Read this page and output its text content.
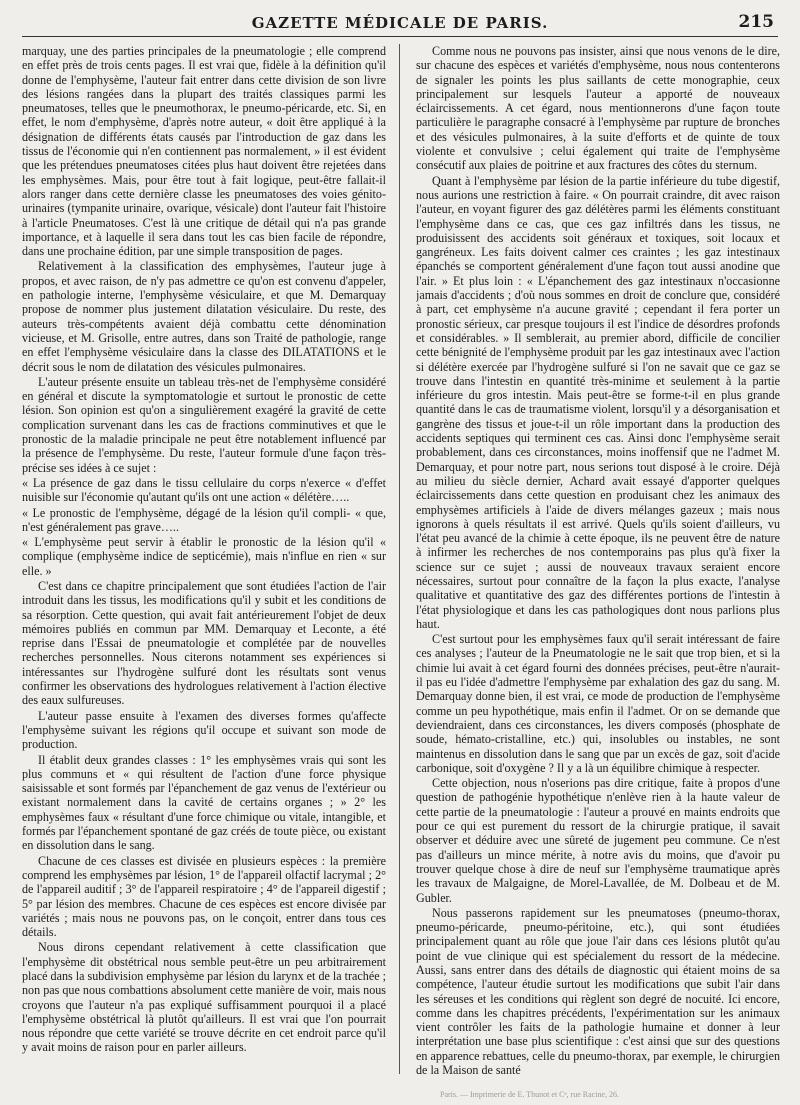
GAZETTE MÉDICALE DE PARIS.	215

marquay, une des parties principales de la pneumatologie ; elle comprend en effet près de trois cents pages. Il est vrai que, fidèle à la définition qu'il donne de l'emphysème, l'auteur fait entrer dans cette division de son livre des lésions rangées dans la plupart des traités classiques parmi les pneumatoses, telles que le pneumothorax, le pneumo-péricarde, etc. Si, en effet, le nom d'emphysème, d'après notre auteur, « doit être appliqué à la désignation de différents états causés par l'introduction de gaz dans les tissus de l'économie qui n'en contiennent pas normalement, » il est évident que les prétendues pneumatoses citées plus haut doivent être rejetées dans les emphysèmes. Mais, pour être tout à fait logique, peut-être fallait-il alors ranger dans cette dernière classe les pneumatoses des voies génito-urinaires (tympanite urinaire, ovarique, vésicale) dont l'auteur fait l'histoire à l'article Pneumatoses. C'est là une critique de détail qui n'a pas grande importance, et à laquelle il sera dans tout les cas bien facile de répondre, dans une prochaine édition, par une simple transposition de pages.

Relativement à la classification des emphysèmes, l'auteur juge à propos, et avec raison, de n'y pas admettre ce qu'on est convenu d'appeler, en pathologie interne, l'emphysème vésiculaire, et que M. Demarquay propose de nommer plus justement dilatation vésiculaire. Du reste, des auteurs très-compétents avaient déjà combattu cette dénomination vicieuse, et M. Grisolle, entre autres, dans son Traité de pathologie, range en effet l'emphysème vésiculaire dans la classe des DILATATIONS et le décrit sous le nom de dilatation des vésicules pulmonaires.

L'auteur présente ensuite un tableau très-net de l'emphysème considéré en général et discute la symptomatologie et surtout le pronostic de cette lésion. Son opinion est qu'on a singulièrement exagéré la gravité de cette complication survenant dans les cas de fractions comminutives et que le pronostic de la maladie principale ne peut être notablement influencé par la présence de l'emphysème. Du reste, l'auteur formule d'une façon très-précise ses idées à ce sujet :

« La présence de gaz dans le tissu cellulaire du corps n'exerce « d'effet nuisible sur l'économie qu'autant qu'ils ont une action « délétère…..

« Le pronostic de l'emphysème, dégagé de la lésion qu'il compli- « que, n'est généralement pas grave…..

« L'emphysème peut servir à établir le pronostic de la lésion qu'il « complique (emphysème indice de septicémie), mais n'influe en rien « sur elle. »

C'est dans ce chapitre principalement que sont étudiées l'action de l'air introduit dans les tissus, les modifications qu'il y subit et les conditions de sa résorption. Cette question, qui avait fait antérieurement l'objet de deux mémoires publiés en commun par MM. Demarquay et Leconte, a été reprise dans l'Essai de pneumatologie et complétée par de nouvelles recherches personnelles. Nous citerons notamment ses expériences si intéressantes sur l'hydrogène sulfuré dont les résultats sont venus confirmer les observations des hydrologues relativement à l'action élective des eaux sulfureuses.

L'auteur passe ensuite à l'examen des diverses formes qu'affecte l'emphysème suivant les régions qu'il occupe et suivant son mode de production.

Il établit deux grandes classes : 1° les emphysèmes vrais qui sont les plus communs et « qui résultent de l'action d'une force physique saisissable et sont formés par l'épanchement de gaz venus de l'extérieur ou existant normalement dans la cavité de certains organes ; » 2° les emphysèmes faux « résultant d'une force chimique ou vitale, intangible, et formés par l'épanchement spontané de gaz créés de toute pièce, ou existant en dissolution dans le sang.

Chacune de ces classes est divisée en plusieurs espèces : la première comprend les emphysèmes par lésion, 1° de l'appareil olfactif lacrymal ; 2° de l'appareil auditif ; 3° de l'appareil respiratoire ; 4° de l'appareil digestif ; 5° par lésion des membres. Chacune de ces espèces est encore divisée par variétés ; mais nous ne pouvons pas, on le conçoit, entrer dans tous ces détails.

Nous dirons cependant relativement à cette classification que l'emphysème dit obstétrical nous semble peut-être un peu arbitrairement placé dans la subdivision emphysème par lésion du larynx et de la trachée ; non pas que nous combattions absolument cette manière de voir, mais nous croyons que l'auteur n'a pas expliqué suffisamment pourquoi il a placé l'emphysème obstétrical là plutôt qu'ailleurs. Il est vrai que l'on pourrait nous répondre que cette variété se trouve décrite en cet endroit parce qu'il y avait moins de raison pour en parler ailleurs.

Comme nous ne pouvons pas insister, ainsi que nous venons de le dire, sur chacune des espèces et variétés d'emphysème, nous nous contenterons de signaler les points les plus saillants de cette monographie, ceux principalement sur lesquels l'auteur a apporté de nouveaux éclaircissements. A cet égard, nous mentionnerons d'une façon toute particulière le paragraphe consacré à l'emphysème par rupture de bronches et des vésicules pulmonaires, à la suite d'efforts et de quinte de toux violente et convulsive ; celui également qui traite de l'emphysème consécutif aux plaies de poitrine et aux fractures des côtes du sternum.

Quant à l'emphysème par lésion de la partie inférieure du tube digestif, nous aurions une restriction à faire. « On pourrait craindre, dit avec raison l'auteur, en voyant figurer des gaz délétères parmi les éléments constituant l'emphysème dans ce cas, que ces gaz infiltrés dans les tissus, ne produisissent des accidents soit généraux et toxiques, soit locaux et gangréneux. Les faits doivent calmer ces craintes ; les gaz intestinaux épanchés se comportent généralement d'une façon tout aussi anodine que l'air. » Et plus loin : « L'épanchement des gaz intestinaux n'occasionne jamais d'accidents ; d'où nous sommes en droit de conclure que, considéré à part, cet emphysème n'a aucune gravité ; cependant il fera porter un pronostic sérieux, car presque toujours il est l'indice de désordres profonds et considérables. » Il semblerait, au premier abord, difficile de concilier cette bénignité de l'emphysème produit par les gaz intestinaux avec l'action si délétère exercée par l'hydrogène sulfuré si l'on ne savait que ce gaz se trouve dans l'intestin en quantité très-minime et seulement à la partie inférieure du gros intestin. Mais peut-être se forme-t-il en plus grande quantité dans le cas de traumatisme violent, lorsqu'il y a désorganisation et gangrène des tissus et joue-t-il un rôle important dans la production des accidents septiques qui terminent ces cas. Ainsi donc l'emphysème serait probablement, dans ces circonstances, moins inoffensif que ne l'admet M. Demarquay, et pour notre part, nous serions tout disposé à le croire. Déjà au milieu du siècle dernier, Achard avait essayé d'apporter quelques éclaircissements dans cette question en produisant chez les animaux des emphysèmes artificiels à l'aide de divers mélanges gazeux ; mais nous ignorons à quels résultats il est arrivé. Quels qu'ils soient d'ailleurs, vu l'état peu avancé de la chimie à cette époque, ils ne peuvent être de nature à infirmer les recherches de nos contemporains pas plus qu'à fixer la science sur ce sujet ; aussi de nouveaux travaux seraient encore nécessaires, surtout pour connaître de la façon la plus exacte, l'analyse qualitative et quantitative des gaz des différentes portions de l'intestin à l'état physiologique et dans les cas pathologiques dont nous parlions plus haut.

C'est surtout pour les emphysèmes faux qu'il serait intéressant de faire ces analyses ; l'auteur de la Pneumatologie ne le sait que trop bien, et si la chimie lui avait à cet égard fourni des données précises, peut-être n'aurait-il pas eu l'idée d'admettre l'emphysème par exhalation des gaz du sang. M. Demarquay donne bien, il est vrai, ce mode de production de l'emphysème comme un peu hypothétique, mais enfin il l'admet. Or on se demande que deviendraient, dans ces circonstances, les divers composés (phosphate de soude, hémato-cristalline, etc.) qui, insolubles ou instables, ne sont maintenus en dissolution dans le sang que par un excès de gaz, soit d'acide carbonique, soit d'oxygène ? Il y a là un équilibre chimique à respecter.

Cette objection, nous n'oserions pas dire critique, faite à propos d'une question de pathogénie hypothétique n'enlève rien à la haute valeur de cette partie de la pneumatologie : l'auteur a prouvé en maints endroits que pour ce qui est purement du ressort de la chirurgie pratique, il savait observer et déduire avec une sûreté de jugement peu commune. Ce n'est pas d'ailleurs un mince mérite, à notre avis du moins, que d'avoir pu trouver quelque chose à dire de neuf sur l'emphysème traumatique après les travaux de Malgaigne, de Morel-Lavallée, de M. Dolbeau et de M. Gubler.

Nous passerons rapidement sur les pneumatoses (pneumo-thorax, pneumo-péricarde, pneumo-péritoine, etc.), qui sont étudiées principalement quant au rôle que joue l'air dans ces lésions plutôt qu'au point de vue clinique qui est spécialement du ressort de la médecine. Aussi, sans entrer dans des détails de diagnostic qui étaient moins de sa compétence, l'auteur étudie surtout les modifications que subit l'air dans les séreuses et les conditions qui règlent son degré de nocuité. Ici encore, comme dans les chapitres précédents, l'expérimentation sur les animaux vient contrôler les faits de la pathologie humaine et donner à leur interprétation une base plus scientifique : c'est ainsi que sur des questions en apparence rebattues, celle du pneumo-thorax, par exemple, le chirurgien de la Maison de santé

Paris. — Imprimerie de E. Thunot et Cᵉ, rue Racine, 26.
